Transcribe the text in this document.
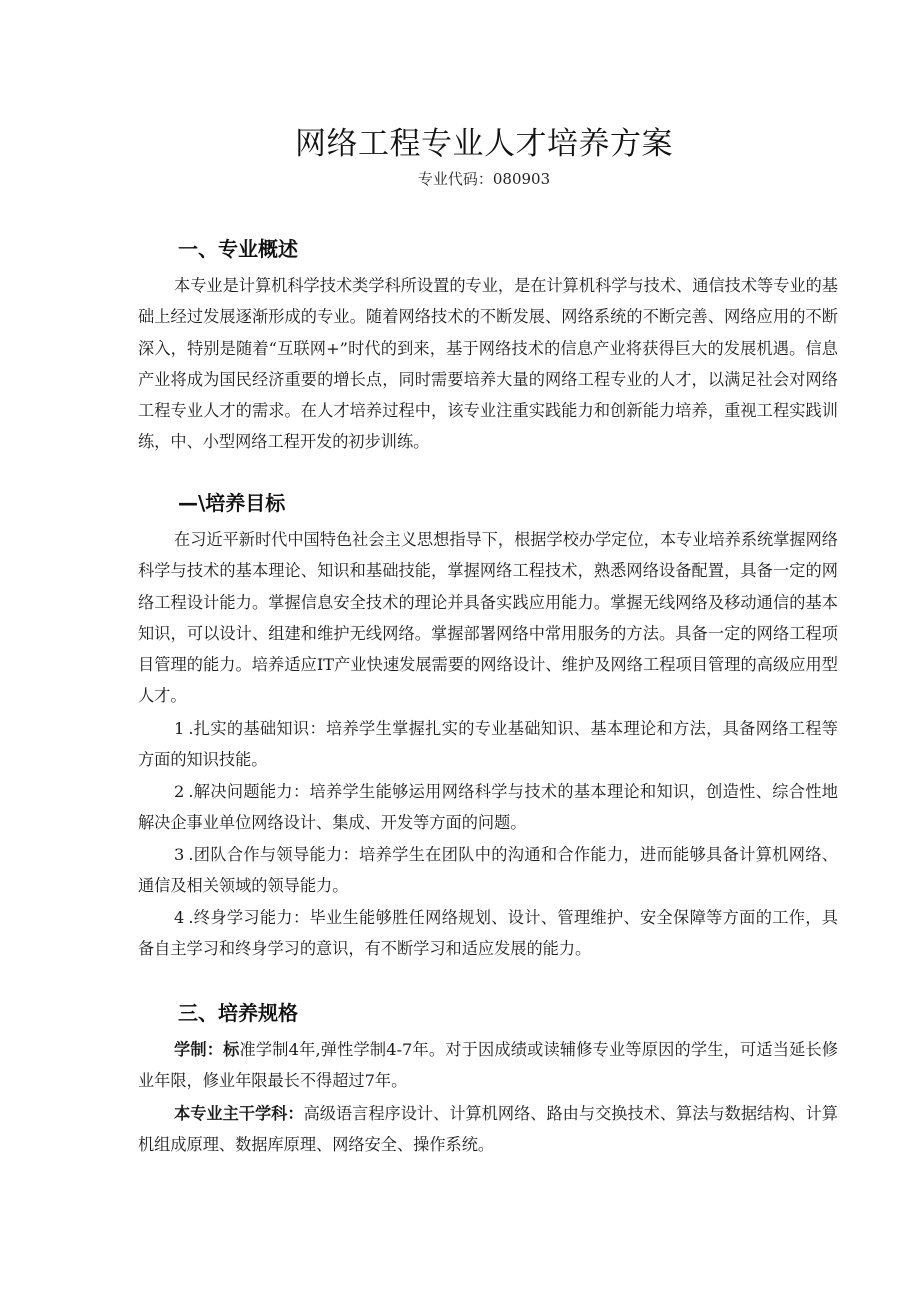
网络工程专业人才培养方案
专业代码：080903
一、专业概述
本专业是计算机科学技术类学科所设置的专业，是在计算机科学与技术、通信技术等专业的基础上经过发展逐渐形成的专业。随着网络技术的不断发展、网络系统的不断完善、网络应用的不断深入，特别是随着“互联网+”时代的到来，基于网络技术的信息产业将获得巨大的发展机遇。信息产业将成为国民经济重要的增长点，同时需要培养大量的网络工程专业的人才，以满足社会对网络工程专业人才的需求。在人才培养过程中，该专业注重实践能力和创新能力培养，重视工程实践训练，中、小型网络工程开发的初步训练。
—\培养目标
在习近平新时代中国特色社会主义思想指导下，根据学校办学定位，本专业培养系统掌握网络科学与技术的基本理论、知识和基础技能，掌握网络工程技术，熟悉网络设备配置，具备一定的网络工程设计能力。掌握信息安全技术的理论并具备实践应用能力。掌握无线网络及移动通信的基本知识，可以设计、组建和维护无线网络。掌握部署网络中常用服务的方法。具备一定的网络工程项目管理的能力。培养适应IT产业快速发展需要的网络设计、维护及网络工程项目管理的高级应用型人才。
1 .扎实的基础知识：培养学生掌握扎实的专业基础知识、基本理论和方法，具备网络工程等方面的知识技能。
2 .解决问题能力：培养学生能够运用网络科学与技术的基本理论和知识，创造性、综合性地解决企事业单位网络设计、集成、开发等方面的问题。
3 .团队合作与领导能力：培养学生在团队中的沟通和合作能力，进而能够具备计算机网络、通信及相关领域的领导能力。
4 .终身学习能力：毕业生能够胜任网络规划、设计、管理维护、安全保障等方面的工作，具备自主学习和终身学习的意识，有不断学习和适应发展的能力。
三、培养规格
学制：标准学制4年,弹性学制4-7年。对于因成绩或读辅修专业等原因的学生，可适当延长修业年限，修业年限最长不得超过7年。
本专业主干学科：高级语言程序设计、计算机网络、路由与交换技术、算法与数据结构、计算机组成原理、数据库原理、网络安全、操作系统。
